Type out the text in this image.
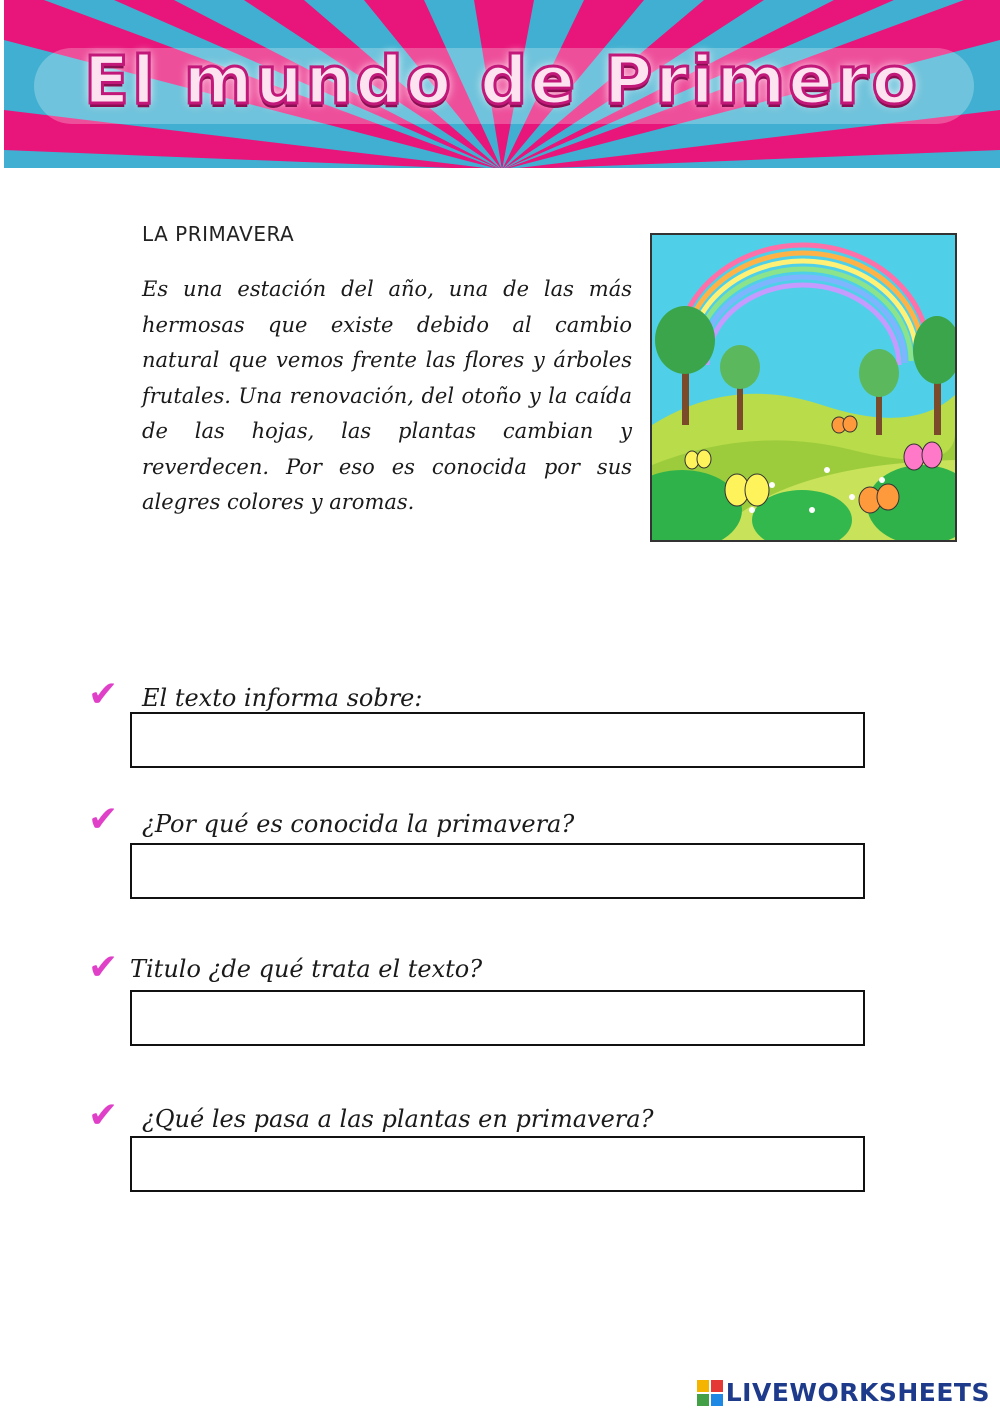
El mundo de Primero
LA PRIMAVERA
Es una estación del año, una de las más hermosas que existe debido al cambio natural que vemos frente las flores y árboles frutales. Una renovación, del otoño y la caída de las hojas, las plantas cambian y reverdecen. Por eso es conocida por sus alegres colores y aromas.
✔ El texto informa sobre:
✔ ¿Por qué es conocida la primavera?
✔ Titulo ¿de qué trata el texto?
✔ ¿Qué les pasa a las plantas en primavera?
LIVEWORKSHEETS
